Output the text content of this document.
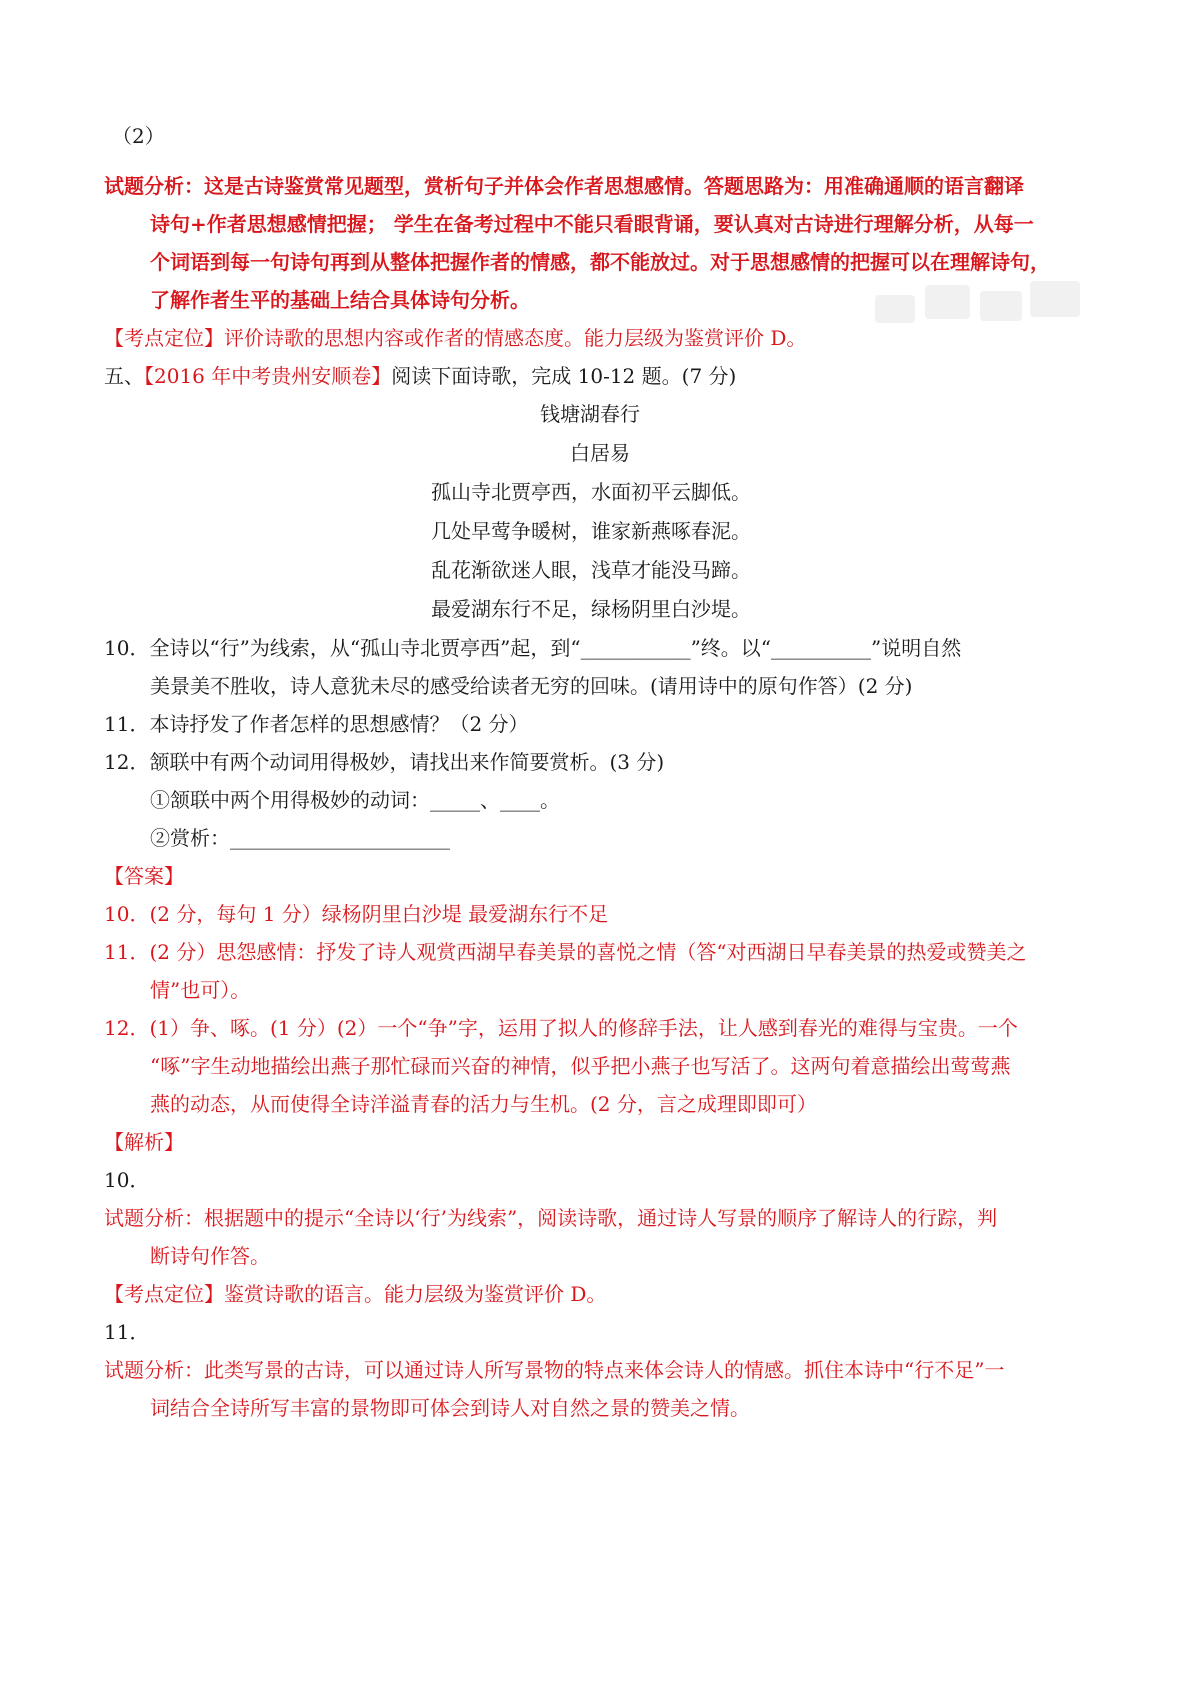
五、【2016 年中考贵州安顺卷】阅读下面诗歌，完成 10-12 题。(7 分)
（2）
试题分析：这是古诗鉴赏常见题型，赏析句子并体会作者思想感情。答题思路为：用准确通顺的语言翻译
诗句+作者思想感情把握； 学生在备考过程中不能只看眼背诵，要认真对古诗进行理解分析，从每一
个词语到每一句诗句再到从整体把握作者的情感，都不能放过。对于思想感情的把握可以在理解诗句，
了解作者生平的基础上结合具体诗句分析。
【考点定位】评价诗歌的思想内容或作者的情感态度。能力层级为鉴赏评价 D。
钱塘湖春行
白居易
孤山寺北贾亭西，水面初平云脚低。
几处早莺争暖树，谁家新燕啄春泥。
乱花渐欲迷人眼，浅草才能没马蹄。
最爱湖东行不足，绿杨阴里白沙堤。
10．全诗以“行”为线索，从“孤山寺北贾亭西”起，到“___________”终。以“__________”说明自然
美景美不胜收，诗人意犹未尽的感受给读者无穷的回味。(请用诗中的原句作答）(2 分)
11．本诗抒发了作者怎样的思想感情？（2 分）
12．颔联中有两个动词用得极妙，请找出来作简要赏析。(3 分)
①颔联中两个用得极妙的动词：_____、____。
②赏析：______________________
【答案】
10．(2 分，每句 1 分）绿杨阴里白沙堤 最爱湖东行不足
11．(2 分）思怨感情：抒发了诗人观赏西湖早春美景的喜悦之情（答“对西湖日早春美景的热爱或赞美之
情”也可）。
12．(1）争、啄。(1 分）(2）一个“争”字，运用了拟人的修辞手法，让人感到春光的难得与宝贵。一个
“啄”字生动地描绘出燕子那忙碌而兴奋的神情，似乎把小燕子也写活了。这两句着意描绘出莺莺燕
燕的动态，从而使得全诗洋溢青春的活力与生机。(2 分，言之成理即即可）
【解析】
10．
试题分析：根据题中的提示“全诗以‘行’为线索”，阅读诗歌，通过诗人写景的顺序了解诗人的行踪，判
断诗句作答。
【考点定位】鉴赏诗歌的语言。能力层级为鉴赏评价 D。
11．
试题分析：此类写景的古诗，可以通过诗人所写景物的特点来体会诗人的情感。抓住本诗中“行不足”一
词结合全诗所写丰富的景物即可体会到诗人对自然之景的赞美之情。
